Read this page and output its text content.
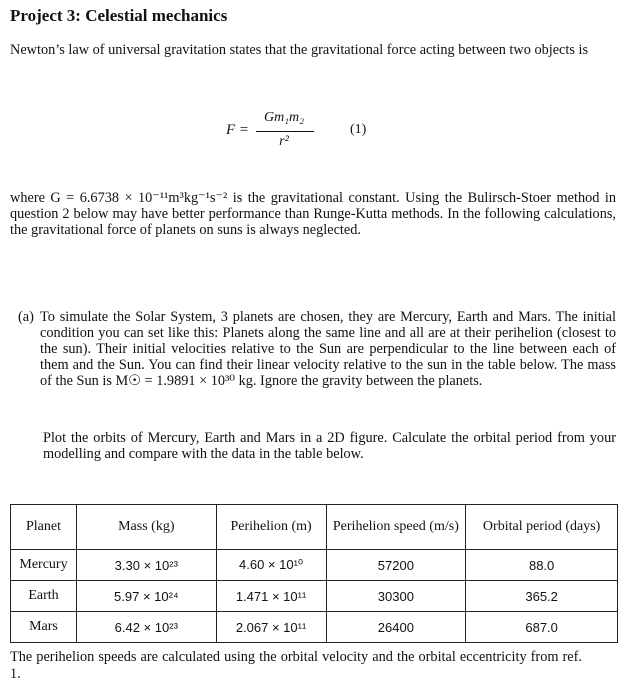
Project 3: Celestial mechanics
Newton’s law of universal gravitation states that the gravitational force acting between two objects is
F =
Gm₁m₂
r²
(1)
where G = 6.6738 × 10⁻¹¹m³kg⁻¹s⁻² is the gravitational constant. Using the Bulirsch-Stoer method in question 2 below may have better performance than Runge-Kutta methods. In the following calculations, the gravitational force of planets on suns is always neglected.
(a) To simulate the Solar System, 3 planets are chosen, they are Mercury, Earth and Mars. The initial condition you can set like this: Planets along the same line and all are at their perihelion (closest to the sun). Their initial velocities relative to the Sun are perpendicular to the line between each of them and the Sun. You can find their linear velocity relative to the sun in the table below. The mass of the Sun is M☉ = 1.9891 × 10³⁰ kg. Ignore the gravity between the planets.
Plot the orbits of Mercury, Earth and Mars in a 2D figure. Calculate the orbital period from your modelling and compare with the data in the table below.
Planet	Mass (kg)	Perihelion (m)	Perihelion speed (m/s)	Orbital period (days)
Mercury	3.30 × 10²³	4.60 × 10¹⁰	57200	88.0
Earth	5.97 × 10²⁴	1.471 × 10¹¹	30300	365.2
Mars	6.42 × 10²³	2.067 × 10¹¹	26400	687.0
The perihelion speeds are calculated using the orbital velocity and the orbital eccentricity from ref. 1.
